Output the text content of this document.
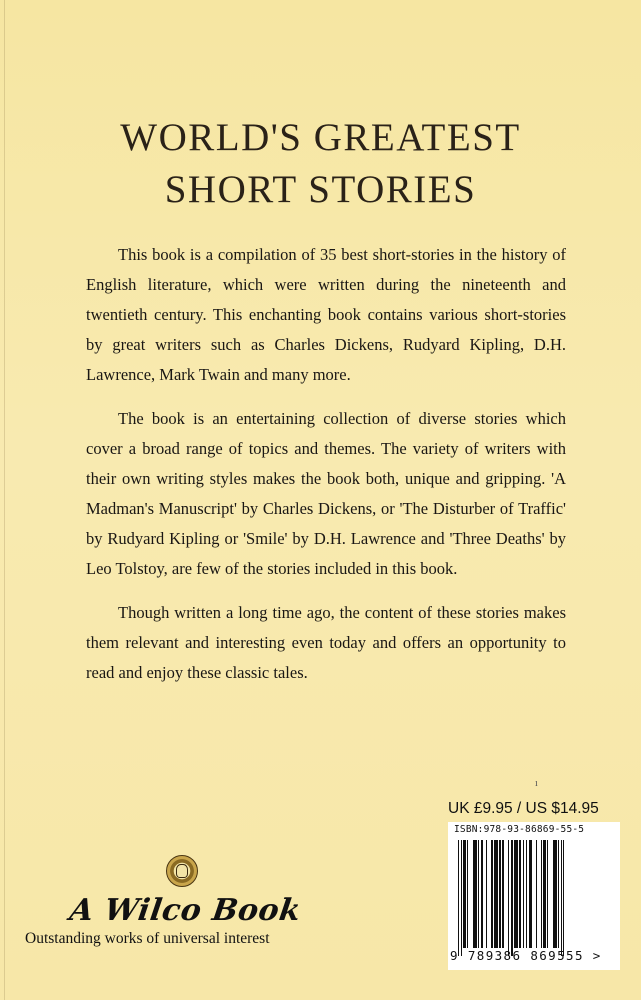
WORLD'S GREATEST
SHORT STORIES

This book is a compilation of 35 best short-stories in the history of English literature, which were written during the nineteenth and twentieth century. This enchanting book contains various short-stories by great writers such as Charles Dickens, Rudyard Kipling, D.H. Lawrence, Mark Twain and many more.

The book is an entertaining collection of diverse stories which cover a broad range of topics and themes. The variety of writers with their own writing styles makes the book both, unique and gripping. 'A Madman's Manuscript' by Charles Dickens, or 'The Disturber of Traffic' by Rudyard Kipling or 'Smile' by D.H. Lawrence and 'Three Deaths' by Leo Tolstoy, are few of the stories included in this book.

Though written a long time ago, the content of these stories makes them relevant and interesting even today and offers an opportunity to read and enjoy these classic tales.

ı
UK £9.95 / US $14.95
ISBN:978-93-86869-55-5
9 789386 869555 >
A Wilco Book
Outstanding works of universal interest
